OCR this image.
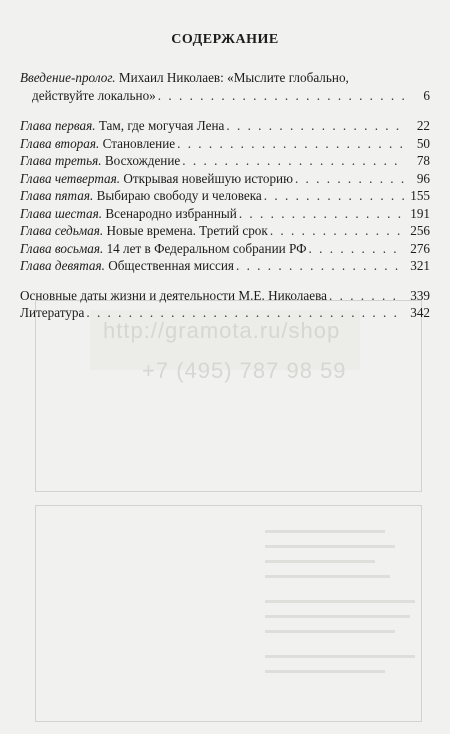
http://gramota.ru/shop
+7 (495) 787 98 59
СОДЕРЖАНИЕ
Введение-пролог. Михаил Николаев: «Мыслите глобально,
действуйте локально» . . .	6
Глава первая. Там, где могучая Лена . . .	22
Глава вторая. Становление . . .	50
Глава третья. Восхождение . . .	78
Глава четвертая. Открывая новейшую историю . . .	96
Глава пятая. Выбираю свободу и человека . . .	155
Глава шестая. Всенародно избранный . . .	191
Глава седьмая. Новые времена. Третий срок . . .	256
Глава восьмая. 14 лет в Федеральном собрании РФ . . .	276
Глава девятая. Общественная миссия . . .	321
Основные даты жизни и деятельности М.Е. Николаева . . .	339
Литература . . .	342
